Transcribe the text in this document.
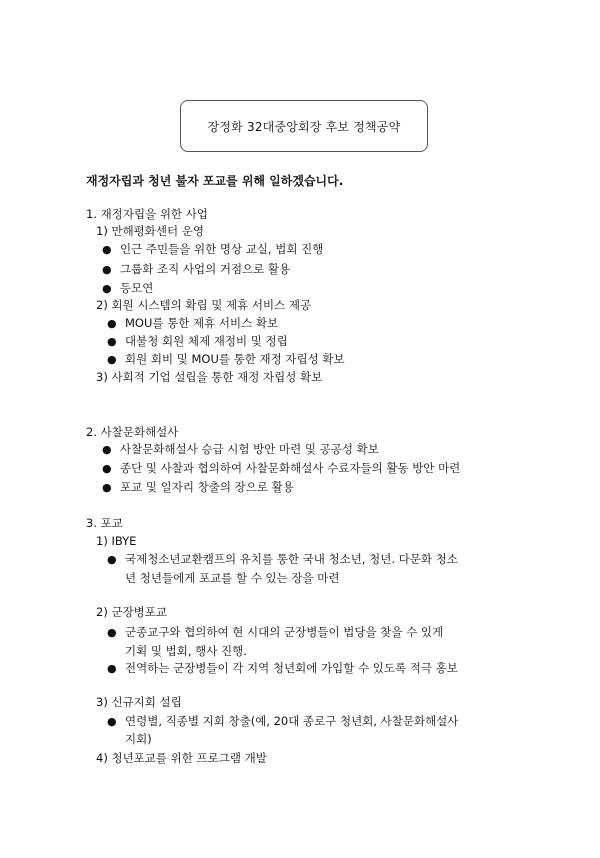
장정화 32대중앙회장 후보 정책공약
재정자립과 청년 불자 포교를 위해 일하겠습니다.
1. 재정자립을 위한 사업
1) 만해평화센터 운영
● 인근 주민들을 위한 명상 교실, 법회 진행
● 그룹화 조직 사업의 거점으로 활용
● 등모연
2) 회원 시스템의 확립 및 제휴 서비스 제공
● MOU를 통한 제휴 서비스 확보
● 대불청 회원 체제 재정비 및 정립
● 회원 회비 및 MOU를 통한 재정 자립성 확보
3) 사회적 기업 설립을 통한 재정 자립성 확보
2. 사찰문화해설사
● 사찰문화해설사 승급 시험 방안 마련 및 공공성 확보
● 종단 및 사찰과 협의하여 사찰문화해설사 수료자들의 활동 방안 마련
● 포교 및 일자리 창출의 장으로 활용
3. 포교
1) IBYE
● 국제청소년교환캠프의 유치를 통한 국내 청소년, 청년. 다문화 청소
년 청년들에게 포교를 할 수 있는 장을 마련
2) 군장병포교
● 군종교구와 협의하여 현 시대의 군장병들이 법당을 찾을 수 있게
기획 및 법회, 행사 진행.
● 전역하는 군장병들이 각 지역 청년회에 가입할 수 있도록 적극 홍보
3) 신규지회 설립
● 연령별, 직종별 지회 창출(예, 20대 종로구 청년회, 사찰문화해설사
지회)
4) 청년포교를 위한 프로그램 개발
